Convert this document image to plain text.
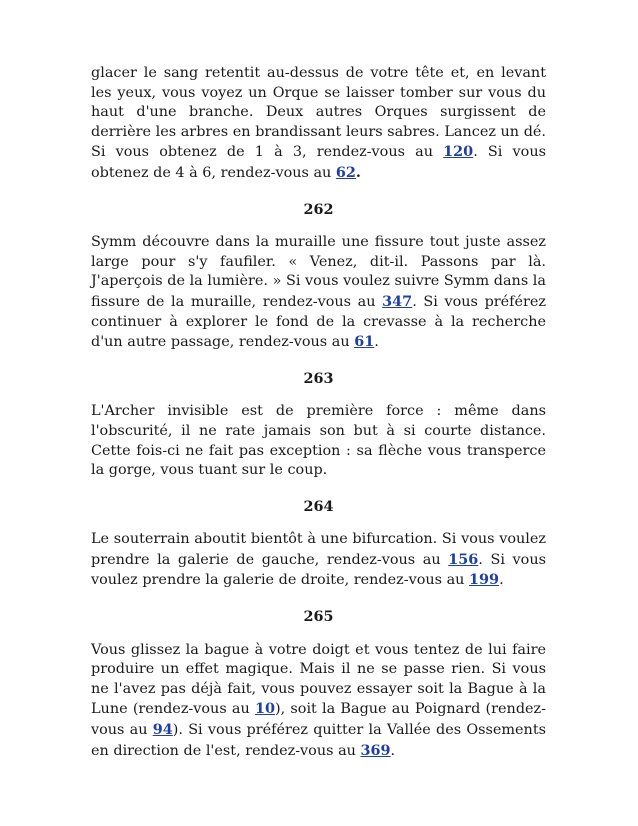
glacer le sang retentit au-dessus de votre tête et, en levant les yeux, vous voyez un Orque se laisser tomber sur vous du haut d'une branche. Deux autres Orques surgissent de derrière les arbres en brandissant leurs sabres. Lancez un dé. Si vous obtenez de 1 à 3, rendez-vous au 120. Si vous obtenez de 4 à 6, rendez-vous au 62.

262

Symm découvre dans la muraille une fissure tout juste assez large pour s'y faufiler. « Venez, dit-il. Passons par là. J'aperçois de la lumière. » Si vous voulez suivre Symm dans la fissure de la muraille, rendez-vous au 347. Si vous préférez continuer à explorer le fond de la crevasse à la recherche d'un autre passage, rendez-vous au 61.

263

L'Archer invisible est de première force : même dans l'obscurité, il ne rate jamais son but à si courte distance. Cette fois-ci ne fait pas exception : sa flèche vous transperce la gorge, vous tuant sur le coup.

264

Le souterrain aboutit bientôt à une bifurcation. Si vous voulez prendre la galerie de gauche, rendez-vous au 156. Si vous voulez prendre la galerie de droite, rendez-vous au 199.

265

Vous glissez la bague à votre doigt et vous tentez de lui faire produire un effet magique. Mais il ne se passe rien. Si vous ne l'avez pas déjà fait, vous pouvez essayer soit la Bague à la Lune (rendez-vous au 10), soit la Bague au Poignard (rendez-vous au 94). Si vous préférez quitter la Vallée des Ossements en direction de l'est, rendez-vous au 369.
